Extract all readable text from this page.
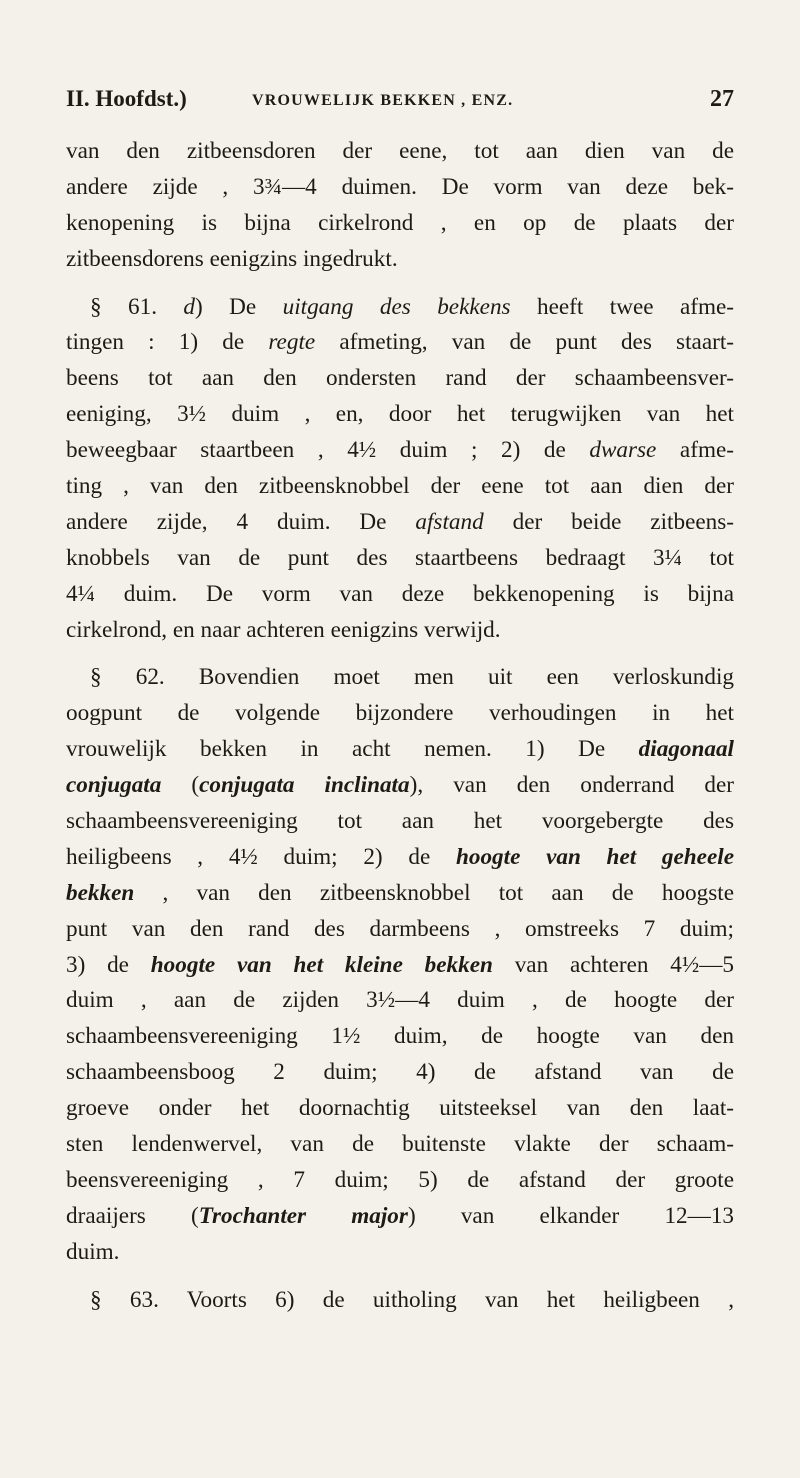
II. Hoofdst.)	VROUWELIJK BEKKEN , ENZ.	27
van den zitbeensdoren der eene, tot aan dien van de
andere zijde , 3¾—4 duimen. De vorm van deze bek-
kenopening is bijna cirkelrond , en op de plaats der
zitbeensdorens eenigzins ingedrukt.
§ 61. d) De uitgang des bekkens heeft twee afme-
tingen : 1) de regte afmeting, van de punt des staart-
beens tot aan den ondersten rand der schaambeensver-
eeniging, 3½ duim , en, door het terugwijken van het
beweegbaar staartbeen , 4½ duim ; 2) de dwarse afme-
ting , van den zitbeensknobbel der eene tot aan dien der
andere zijde, 4 duim. De afstand der beide zitbeens-
knobbels van de punt des staartbeens bedraagt 3¼ tot
4¼ duim. De vorm van deze bekkenopening is bijna
cirkelrond, en naar achteren eenigzins verwijd.
§ 62. Bovendien moet men uit een verloskundig
oogpunt de volgende bijzondere verhoudingen in het
vrouwelijk bekken in acht nemen. 1) De diagonaal
conjugata (conjugata inclinata), van den onderrand der
schaambeensvereeniging tot aan het voorgebergte des
heiligbeens , 4½ duim; 2) de hoogte van het geheele
bekken , van den zitbeensknobbel tot aan de hoogste
punt van den rand des darmbeens , omstreeks 7 duim;
3) de hoogte van het kleine bekken van achteren 4½—5
duim , aan de zijden 3½—4 duim , de hoogte der
schaambeensvereeniging 1½ duim, de hoogte van den
schaambeensboog 2 duim; 4) de afstand van de
groeve onder het doornachtig uitsteeksel van den laat-
sten lendenwervel, van de buitenste vlakte der schaam-
beensvereeniging , 7 duim; 5) de afstand der groote
draaijers (Trochanter major) van elkander 12—13
duim.
§ 63. Voorts 6) de uitholing van het heiligbeen ,
